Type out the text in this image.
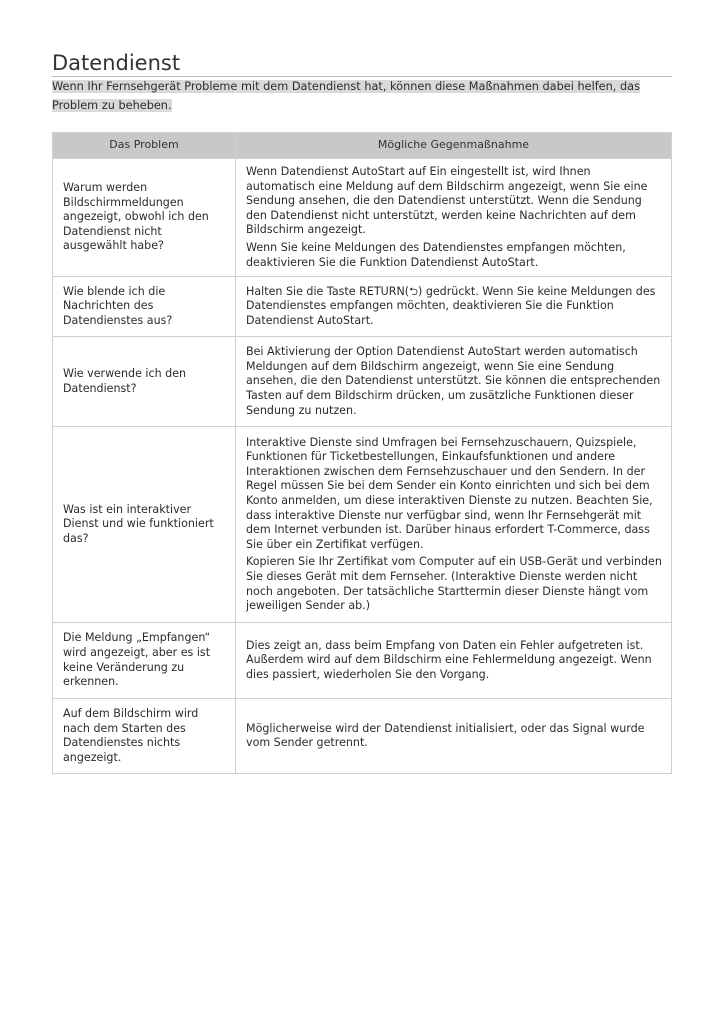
Datendienst

Wenn Ihr Fernsehgerät Probleme mit dem Datendienst hat, können diese Maßnahmen dabei helfen, das Problem zu beheben.

Das Problem	Mögliche Gegenmaßnahme
Warum werden Bildschirmmeldungen angezeigt, obwohl ich den Datendienst nicht ausgewählt habe?	Wenn Datendienst AutoStart auf Ein eingestellt ist, wird Ihnen automatisch eine Meldung auf dem Bildschirm angezeigt, wenn Sie eine Sendung ansehen, die den Datendienst unterstützt. Wenn die Sendung den Datendienst nicht unterstützt, werden keine Nachrichten auf dem Bildschirm angezeigt.

Wenn Sie keine Meldungen des Datendienstes empfangen möchten, deaktivieren Sie die Funktion Datendienst AutoStart.

Wie blende ich die Nachrichten des Datendienstes aus?	Halten Sie die Taste RETURN(⮌) gedrückt. Wenn Sie keine Meldungen des Datendienstes empfangen möchten, deaktivieren Sie die Funktion Datendienst AutoStart.

Wie verwende ich den Datendienst?	Bei Aktivierung der Option Datendienst AutoStart werden automatisch Meldungen auf dem Bildschirm angezeigt, wenn Sie eine Sendung ansehen, die den Datendienst unterstützt. Sie können die entsprechenden Tasten auf dem Bildschirm drücken, um zusätzliche Funktionen dieser Sendung zu nutzen.

Was ist ein interaktiver Dienst und wie funktioniert das?	Interaktive Dienste sind Umfragen bei Fernsehzuschauern, Quizspiele, Funktionen für Ticketbestellungen, Einkaufsfunktionen und andere Interaktionen zwischen dem Fernsehzuschauer und den Sendern. In der Regel müssen Sie bei dem Sender ein Konto einrichten und sich bei dem Konto anmelden, um diese interaktiven Dienste zu nutzen. Beachten Sie, dass interaktive Dienste nur verfügbar sind, wenn Ihr Fernsehgerät mit dem Internet verbunden ist. Darüber hinaus erfordert T-Commerce, dass Sie über ein Zertifikat verfügen.

Kopieren Sie Ihr Zertifikat vom Computer auf ein USB-Gerät und verbinden Sie dieses Gerät mit dem Fernseher. (Interaktive Dienste werden nicht noch angeboten. Der tatsächliche Starttermin dieser Dienste hängt vom jeweiligen Sender ab.)

Die Meldung „Empfangen“ wird angezeigt, aber es ist keine Veränderung zu erkennen.	Dies zeigt an, dass beim Empfang von Daten ein Fehler aufgetreten ist. Außerdem wird auf dem Bildschirm eine Fehlermeldung angezeigt. Wenn dies passiert, wiederholen Sie den Vorgang.

Auf dem Bildschirm wird nach dem Starten des Datendienstes nichts angezeigt.	Möglicherweise wird der Datendienst initialisiert, oder das Signal wurde vom Sender getrennt.
